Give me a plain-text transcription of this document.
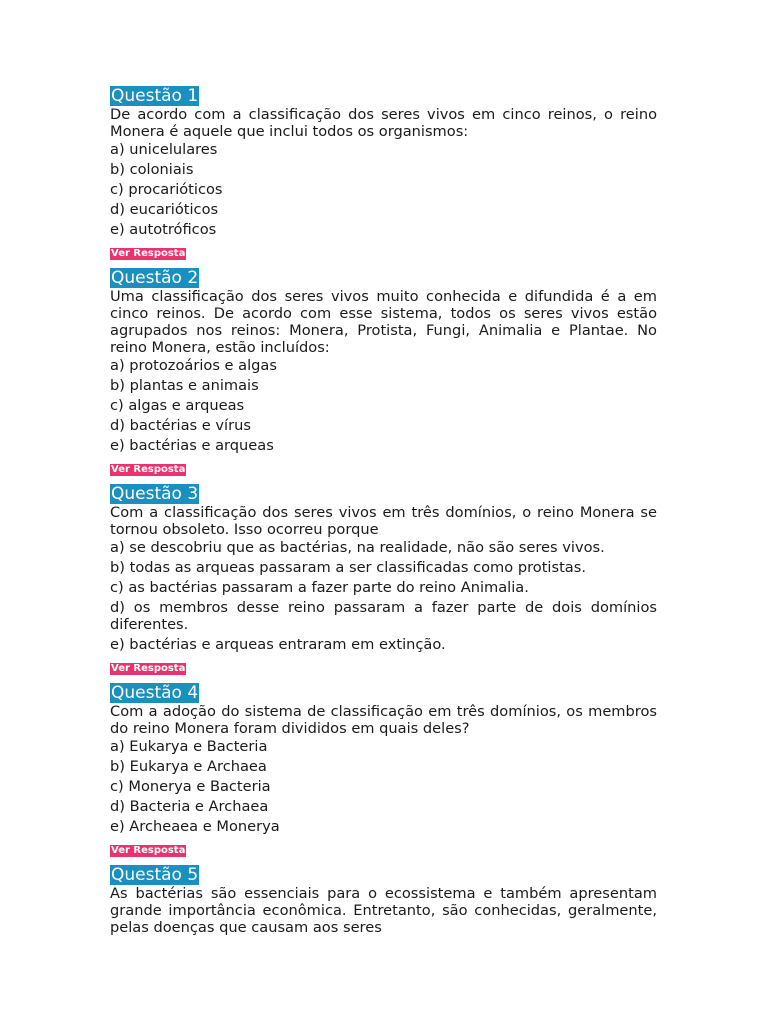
Questão 1

De acordo com a classificação dos seres vivos em cinco reinos, o reino Monera é aquele que inclui todos os organismos:

a) unicelulares
b) coloniais
c) procarióticos
d) eucarióticos
e) autotróficos
Ver Resposta
Questão 2

Uma classificação dos seres vivos muito conhecida e difundida é a em cinco reinos. De acordo com esse sistema, todos os seres vivos estão agrupados nos reinos: Monera, Protista, Fungi, Animalia e Plantae. No reino Monera, estão incluídos:

a) protozoários e algas
b) plantas e animais
c) algas e arqueas
d) bactérias e vírus
e) bactérias e arqueas
Ver Resposta
Questão 3

Com a classificação dos seres vivos em três domínios, o reino Monera se tornou obsoleto. Isso ocorreu porque

a) se descobriu que as bactérias, na realidade, não são seres vivos.
b) todas as arqueas passaram a ser classificadas como protistas.
c) as bactérias passaram a fazer parte do reino Animalia.
d) os membros desse reino passaram a fazer parte de dois domínios diferentes.
e) bactérias e arqueas entraram em extinção.
Ver Resposta
Questão 4

Com a adoção do sistema de classificação em três domínios, os membros do reino Monera foram divididos em quais deles?

a) Eukarya e Bacteria
b) Eukarya e Archaea
c) Monerya e Bacteria
d) Bacteria e Archaea
e) Archeaea e Monerya
Ver Resposta
Questão 5

As bactérias são essenciais para o ecossistema e também apresentam grande importância econômica. Entretanto, são conhecidas, geralmente, pelas doenças que causam aos seres
